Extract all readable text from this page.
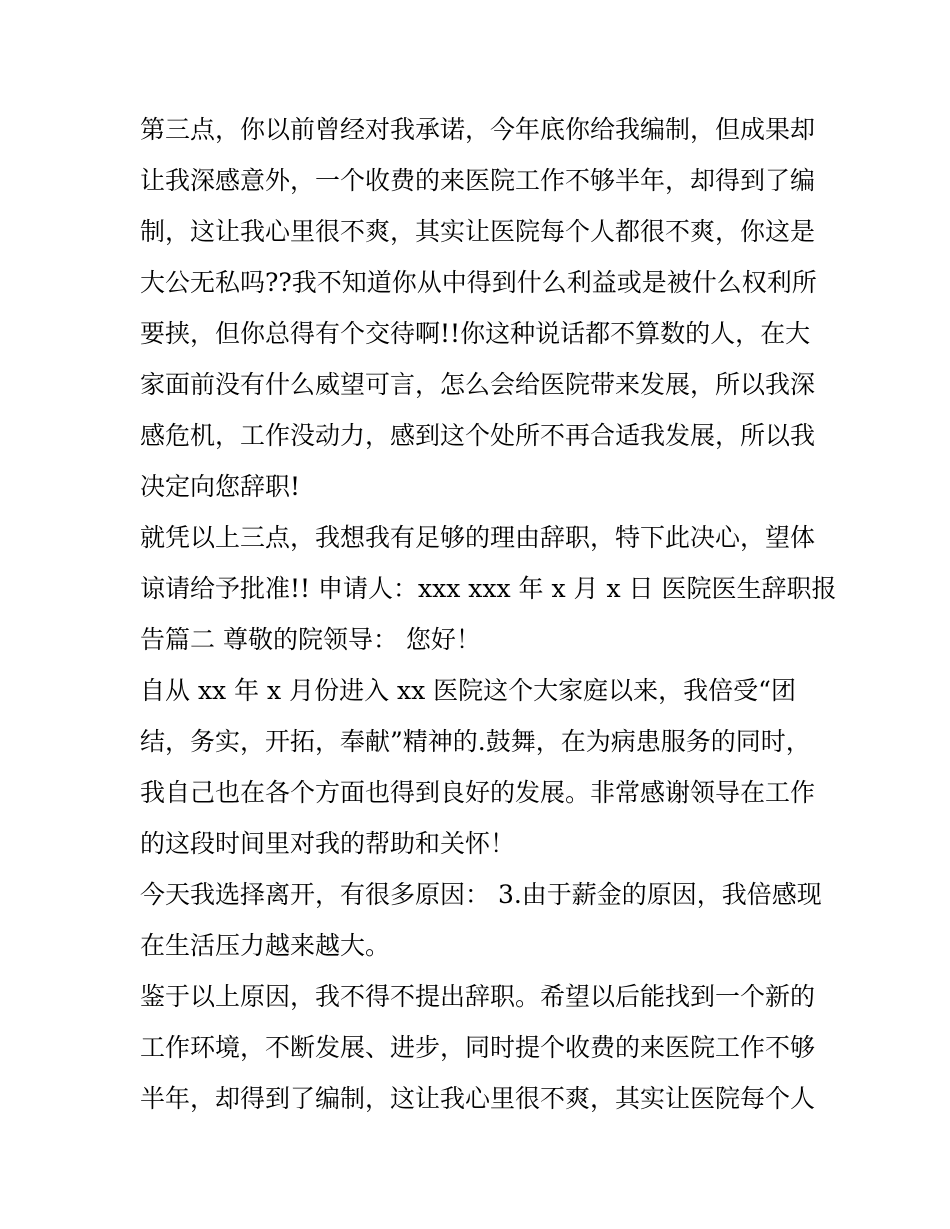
第三点，你以前曾经对我承诺，今年底你给我编制，但成果却
让我深感意外，一个收费的来医院工作不够半年，却得到了编
制，这让我心里很不爽，其实让医院每个人都很不爽，你这是
大公无私吗??我不知道你从中得到什么利益或是被什么权利所
要挟，但你总得有个交待啊!!你这种说话都不算数的人，在大
家面前没有什么威望可言，怎么会给医院带来发展，所以我深
感危机，工作没动力，感到这个处所不再合适我发展，所以我
决定向您辞职!
就凭以上三点，我想我有足够的理由辞职，特下此决心，望体
谅请给予批准!! 申请人：xxx xxx 年 x 月 x 日 医院医生辞职报
告篇二 尊敬的院领导： 您好！
自从 xx 年 x 月份进入 xx 医院这个大家庭以来，我倍受“团
结，务实，开拓，奉献”精神的.鼓舞，在为病患服务的同时，
我自己也在各个方面也得到良好的发展。非常感谢领导在工作
的这段时间里对我的帮助和关怀！
今天我选择离开，有很多原因： 3.由于薪金的原因，我倍感现
在生活压力越来越大。
鉴于以上原因，我不得不提出辞职。希望以后能找到一个新的
工作环境，不断发展、进步，同时提个收费的来医院工作不够
半年，却得到了编制，这让我心里很不爽，其实让医院每个人
